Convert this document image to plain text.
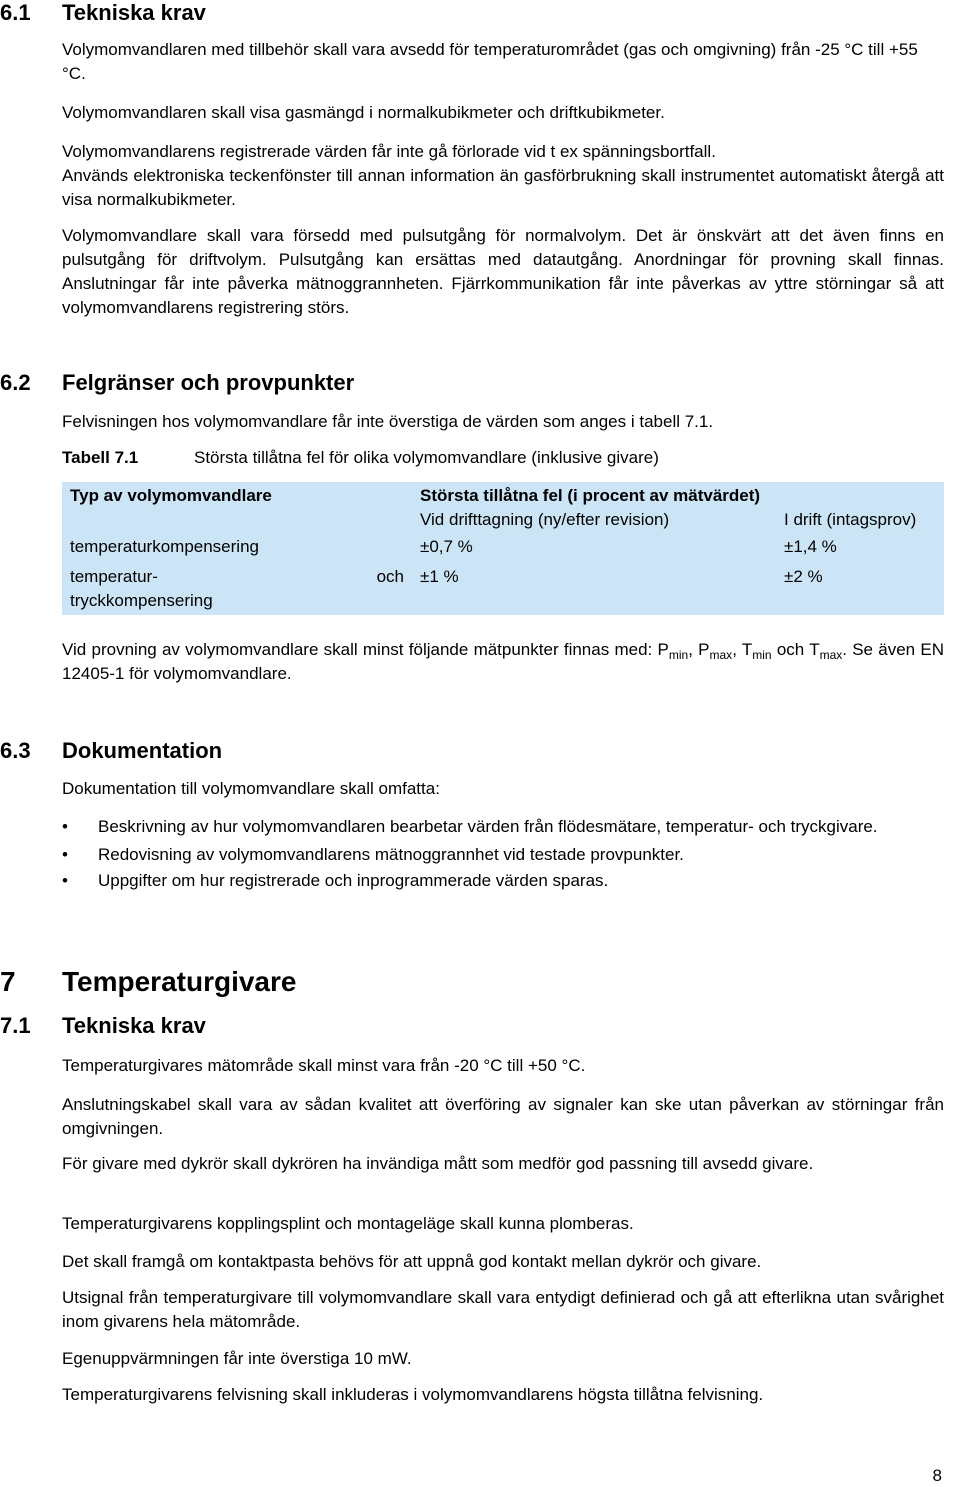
6.1 Tekniska krav
Volymomvandlaren med tillbehör skall vara avsedd för temperaturområdet (gas och omgivning) från -25 °C till +55 °C.
Volymomvandlaren skall visa gasmängd i normalkubikmeter och driftkubikmeter.
Volymomvandlarens registrerade värden får inte gå förlorade vid t ex spänningsbortfall.
Används elektroniska teckenfönster till annan information än gasförbrukning skall instrumentet automatiskt återgå att visa normalkubikmeter.
Volymomvandlare skall vara försedd med pulsutgång för normalvolym. Det är önskvärt att det även finns en pulsutgång för driftvolym. Pulsutgång kan ersättas med datautgång. Anordningar för provning skall finnas. Anslutningar får inte påverka mätnoggrannheten. Fjärrkommunikation får inte påverkas av yttre störningar så att volymomvandlarens registrering störs.
6.2 Felgränser och provpunkter
Felvisningen hos volymomvandlare får inte överstiga de värden som anges i tabell 7.1.
Tabell 7.1	Största tillåtna fel för olika volymomvandlare (inklusive givare)
Typ av volymomvandlare	Största tillåtna fel (i procent av mätvärdet)	
	Vid drifttagning (ny/efter revision)	I drift (intagsprov)
temperaturkompensering	±0,7 %	±1,4 %

temperatur- och
tryckkompensering	±1 %	±2 %
Vid provning av volymomvandlare skall minst följande mätpunkter finnas med: $P_{min}$, $P_{max}$, $T_{min}$ och $T_{max}$. Se även EN 12405-1 för volymomvandlare.
6.3 Dokumentation
Dokumentation till volymomvandlare skall omfatta:
• Beskrivning av hur volymomvandlaren bearbetar värden från flödesmätare, temperatur- och tryckgivare.
• Redovisning av volymomvandlarens mätnoggrannhet vid testade provpunkter.
• Uppgifter om hur registrerade och inprogrammerade värden sparas.
7 Temperaturgivare
7.1 Tekniska krav
Temperaturgivares mätområde skall minst vara från -20 °C till +50 °C.
Anslutningskabel skall vara av sådan kvalitet att överföring av signaler kan ske utan påverkan av störningar från omgivningen.
För givare med dykrör skall dykrören ha invändiga mått som medför god passning till avsedd givare.
Temperaturgivarens kopplingsplint och montageläge skall kunna plomberas.
Det skall framgå om kontaktpasta behövs för att uppnå god kontakt mellan dykrör och givare.
Utsignal från temperaturgivare till volymomvandlare skall vara entydigt definierad och gå att efterlikna utan svårighet inom givarens hela mätområde.
Egenuppvärmningen får inte överstiga 10 mW.
Temperaturgivarens felvisning skall inkluderas i volymomvandlarens högsta tillåtna felvisning.
8
